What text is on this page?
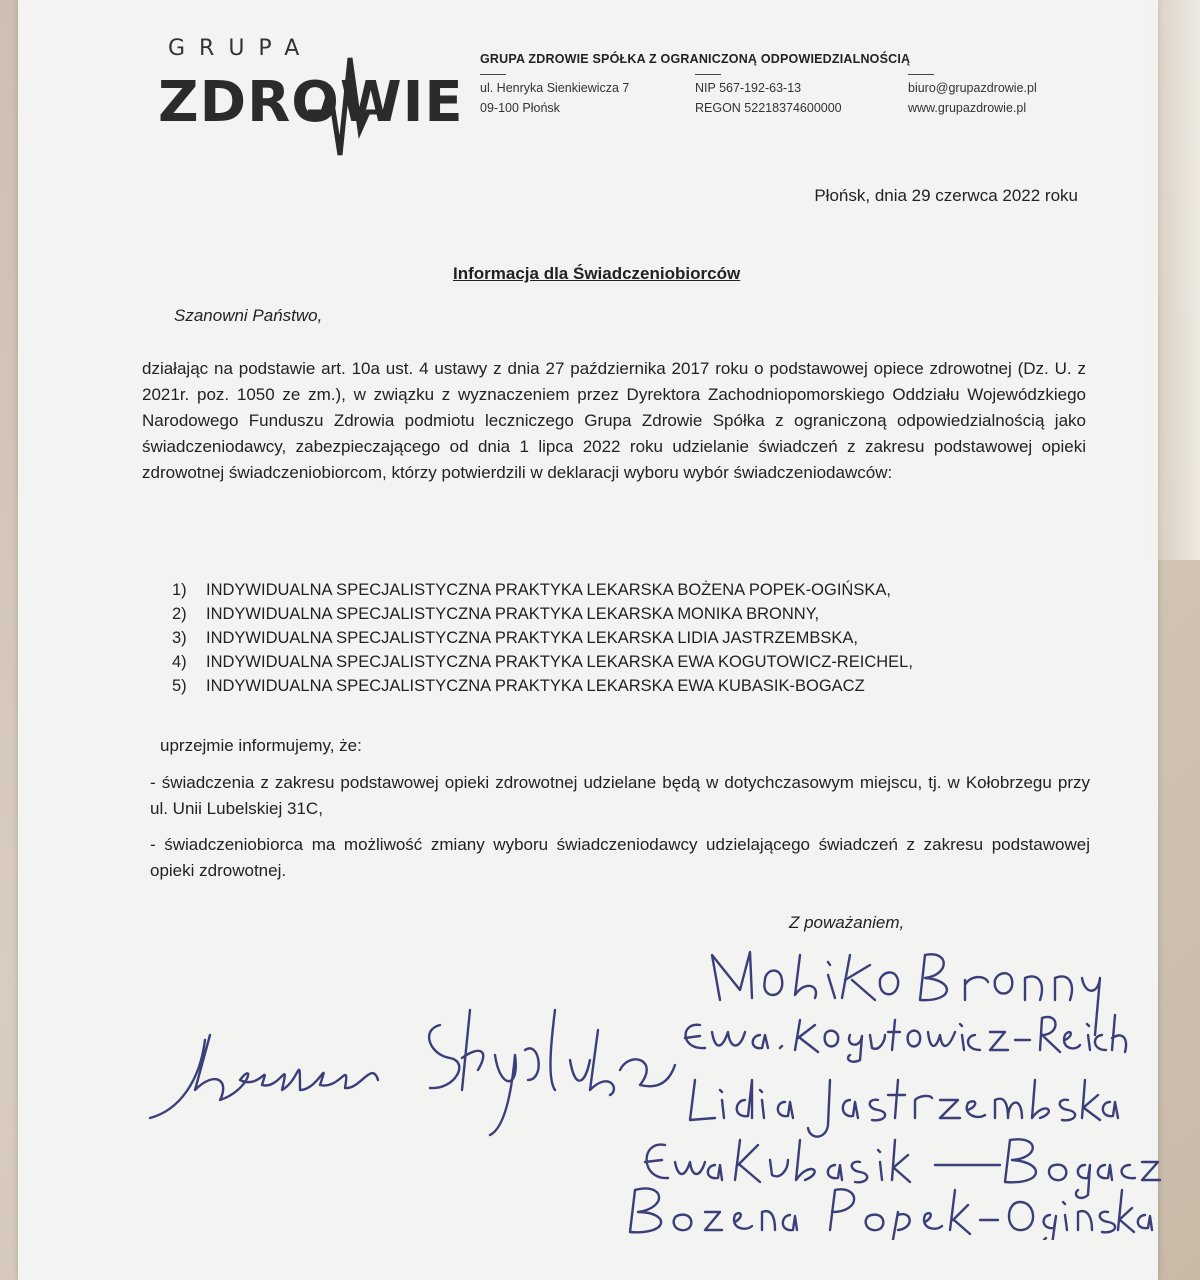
GRUPA
ZDROWIE
GRUPA ZDROWIE SPÓŁKA Z OGRANICZONĄ ODPOWIEDZIALNOŚCIĄ
ul. Henryka Sienkiewicza 7
09-100 Płońsk
NIP 567-192-63-13
REGON 52218374600000
biuro@grupazdrowie.pl
www.grupazdrowie.pl
Płońsk, dnia 29 czerwca 2022 roku
Informacja dla Świadczeniobiorców
Szanowni Państwo,
działając na podstawie art. 10a ust. 4 ustawy z dnia 27 października 2017 roku o podstawowej opiece zdrowotnej (Dz. U. z 2021r. poz. 1050 ze zm.), w związku z wyznaczeniem przez Dyrektora Zachodniopomorskiego Oddziału Wojewódzkiego Narodowego Funduszu Zdrowia podmiotu leczniczego Grupa Zdrowie Spółka z ograniczoną odpowiedzialnością jako świadczeniodawcy, zabezpieczającego od dnia 1 lipca 2022 roku udzielanie świadczeń z zakresu podstawowej opieki zdrowotnej świadczeniobiorcom, którzy potwierdzili w deklaracji wyboru wybór świadczeniodawców:
1) INDYWIDUALNA SPECJALISTYCZNA PRAKTYKA LEKARSKA BOŻENA POPEK-OGIŃSKA,
2) INDYWIDUALNA SPECJALISTYCZNA PRAKTYKA LEKARSKA MONIKA BRONNY,
3) INDYWIDUALNA SPECJALISTYCZNA PRAKTYKA LEKARSKA LIDIA JASTRZEMBSKA,
4) INDYWIDUALNA SPECJALISTYCZNA PRAKTYKA LEKARSKA EWA KOGUTOWICZ-REICHEL,
5) INDYWIDUALNA SPECJALISTYCZNA PRAKTYKA LEKARSKA EWA KUBASIK-BOGACZ
uprzejmie informujemy, że:
- świadczenia z zakresu podstawowej opieki zdrowotnej udzielane będą w dotychczasowym miejscu, tj. w Kołobrzegu przy ul. Unii Lubelskiej 31C,
- świadczeniobiorca ma możliwość zmiany wyboru świadczeniodawcy udzielającego świadczeń z zakresu podstawowej opieki zdrowotnej.
Z poważaniem,
